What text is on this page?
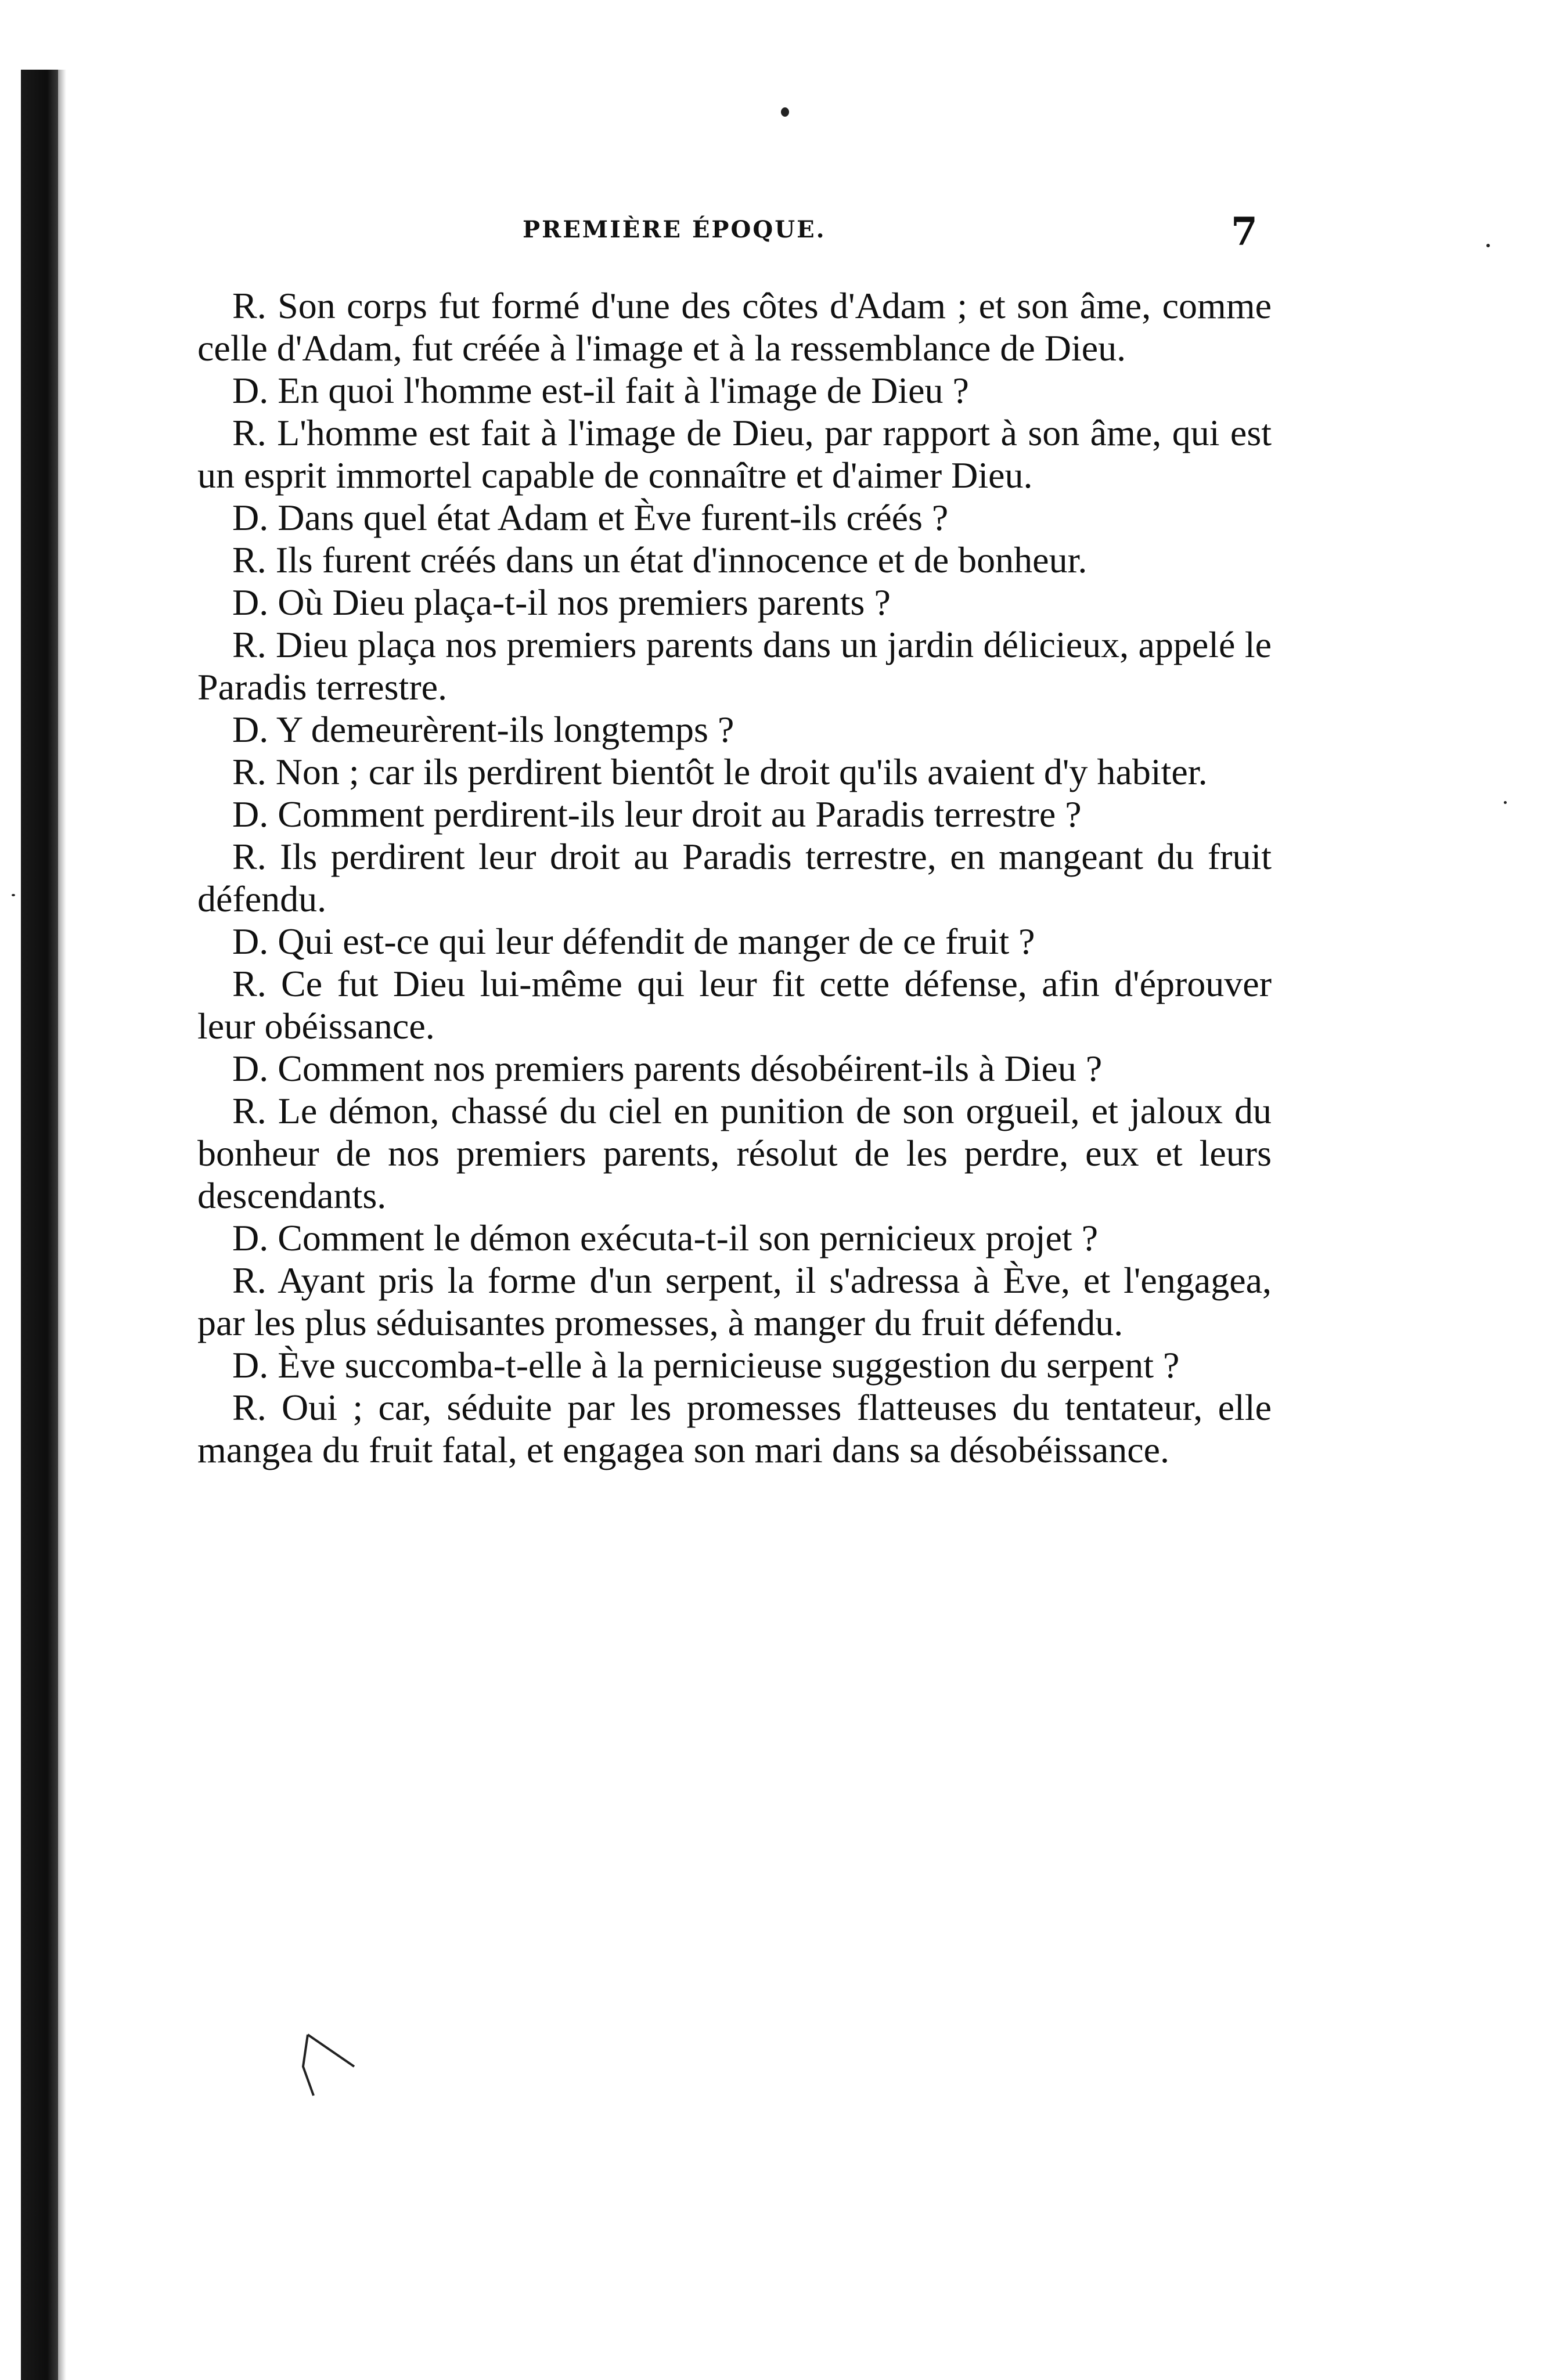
PREMIÈRE ÉPOQUE.	7

R. Son corps fut formé d'une des côtes d'Adam ; et son âme, comme celle d'Adam, fut créée à l'image et à la ressemblance de Dieu.

D. En quoi l'homme est-il fait à l'image de Dieu ?

R. L'homme est fait à l'image de Dieu, par rapport à son âme, qui est un esprit immortel capable de connaître et d'aimer Dieu.

D. Dans quel état Adam et Ève furent-ils créés ?

R. Ils furent créés dans un état d'innocence et de bonheur.

D. Où Dieu plaça-t-il nos premiers parents ?

R. Dieu plaça nos premiers parents dans un jardin délicieux, appelé le Paradis terrestre.

D. Y demeurèrent-ils longtemps ?

R. Non ; car ils perdirent bientôt le droit qu'ils avaient d'y habiter.

D. Comment perdirent-ils leur droit au Paradis terrestre ?

R. Ils perdirent leur droit au Paradis terrestre, en mangeant du fruit défendu.

D. Qui est-ce qui leur défendit de manger de ce fruit ?

R. Ce fut Dieu lui-même qui leur fit cette défense, afin d'éprouver leur obéissance.

D. Comment nos premiers parents désobéirent-ils à Dieu ?

R. Le démon, chassé du ciel en punition de son orgueil, et jaloux du bonheur de nos premiers parents, résolut de les perdre, eux et leurs descendants.

D. Comment le démon exécuta-t-il son pernicieux projet ?

R. Ayant pris la forme d'un serpent, il s'adressa à Ève, et l'engagea, par les plus séduisantes promesses, à manger du fruit défendu.

D. Ève succomba-t-elle à la pernicieuse suggestion du serpent ?

R. Oui ; car, séduite par les promesses flatteuses du tentateur, elle mangea du fruit fatal, et engagea son mari dans sa désobéissance.
